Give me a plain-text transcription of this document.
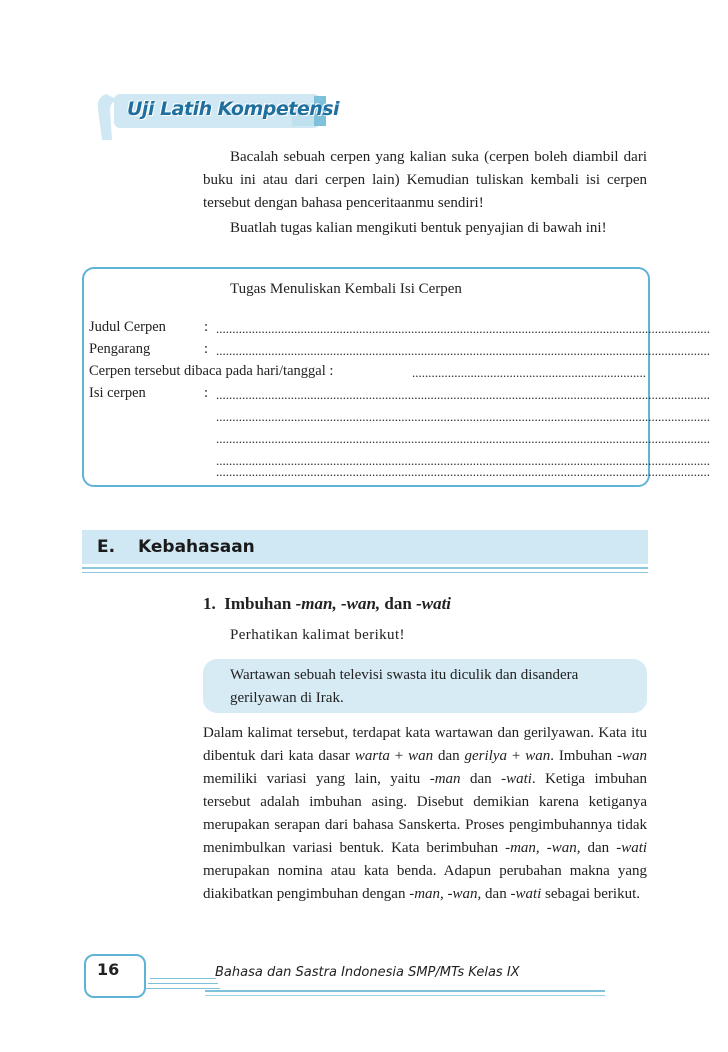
Uji Latih Kompetensi

Bacalah sebuah cerpen yang kalian suka (cerpen boleh diambil dari buku ini atau dari cerpen lain) Kemudian tuliskan kembali isi cerpen tersebut dengan bahasa penceritaanmu sendiri!

Buatlah tugas kalian mengikuti bentuk penyajian di bawah ini!

Tugas Menuliskan Kembali Isi Cerpen
Judul Cerpen	: ........................................................................................................................................................
Pengarang	: ........................................................................................................................................................
Cerpen tersebut dibaca pada hari/tanggal :	........................................................................
Isi cerpen	: ........................................................................................................................................................
........................................................................................................................................................
........................................................................................................................................................
........................................................................................................................................................
........................................................................................................................................................
E. Kebahasaan
1. Imbuhan -man, -wan, dan -wati
Perhatikan kalimat berikut!
Wartawan sebuah televisi swasta itu diculik dan disandera gerilyawan di Irak.

Dalam kalimat tersebut, terdapat kata wartawan dan gerilyawan. Kata itu dibentuk dari kata dasar warta + wan dan gerilya + wan. Imbuhan -wan memiliki variasi yang lain, yaitu -man dan -wati. Ketiga imbuhan tersebut adalah imbuhan asing. Disebut demikian karena ketiganya merupakan serapan dari bahasa Sanskerta. Proses pengimbuhannya tidak menimbulkan variasi bentuk. Kata berimbuhan -man, -wan, dan -wati merupakan nomina atau kata benda. Adapun perubahan makna yang diakibatkan pengimbuhan dengan -man, -wan, dan -wati sebagai berikut.

16	Bahasa dan Sastra Indonesia SMP/MTs Kelas IX
